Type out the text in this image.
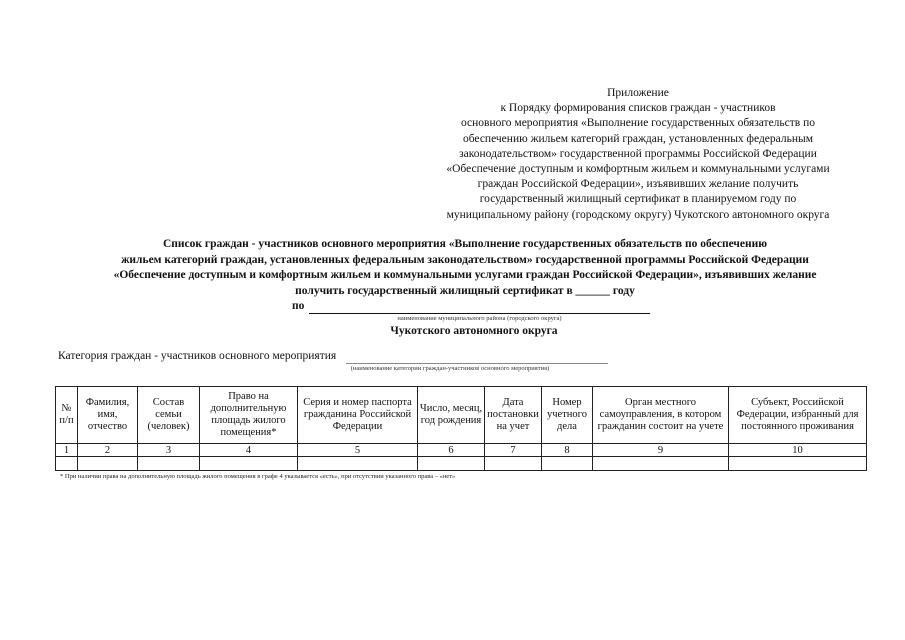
Приложение
к Порядку формирования списков граждан - участников
основного мероприятия «Выполнение государственных обязательств по
обеспечению жильем категорий граждан, установленных федеральным
законодательством» государственной программы Российской Федерации
«Обеспечение доступным и комфортным жильем и коммунальными услугами
граждан Российской Федерации», изъявивших желание получить
государственный жилищный сертификат в планируемом году по
муниципальному району (городскому округу) Чукотского автономного округа
Список граждан - участников основного мероприятия «Выполнение государственных обязательств по обеспечению
жильем категорий граждан, установленных федеральным законодательством» государственной программы Российской Федерации
«Обеспечение доступным и комфортным жильем и коммунальными услугами граждан Российской Федерации», изъявивших желание
получить государственный жилищный сертификат в ______ году
по
наименование муниципального района (городского округа)
Чукотского автономного округа
Категория граждан - участников основного мероприятия
(наименование категории граждан-участников основного мероприятия)
№ п/п	Фамилия, имя, отчество	Состав семьи (человек)	Право на дополнительную площадь жилого помещения*	Серия и номер паспорта гражданина Российской Федерации	Число, месяц, год рождения	Дата постановки на учет	Номер учетного дела	Орган местного самоуправления, в котором гражданин состоит на учете	Субъект, Российской Федерации, избранный для постоянного проживания
1	2	3	4	5	6	7	8	9	10

* При наличии права на дополнительную площадь жилого помещения в графе 4 указывается «есть», при отсутствии указанного права – «нет»
